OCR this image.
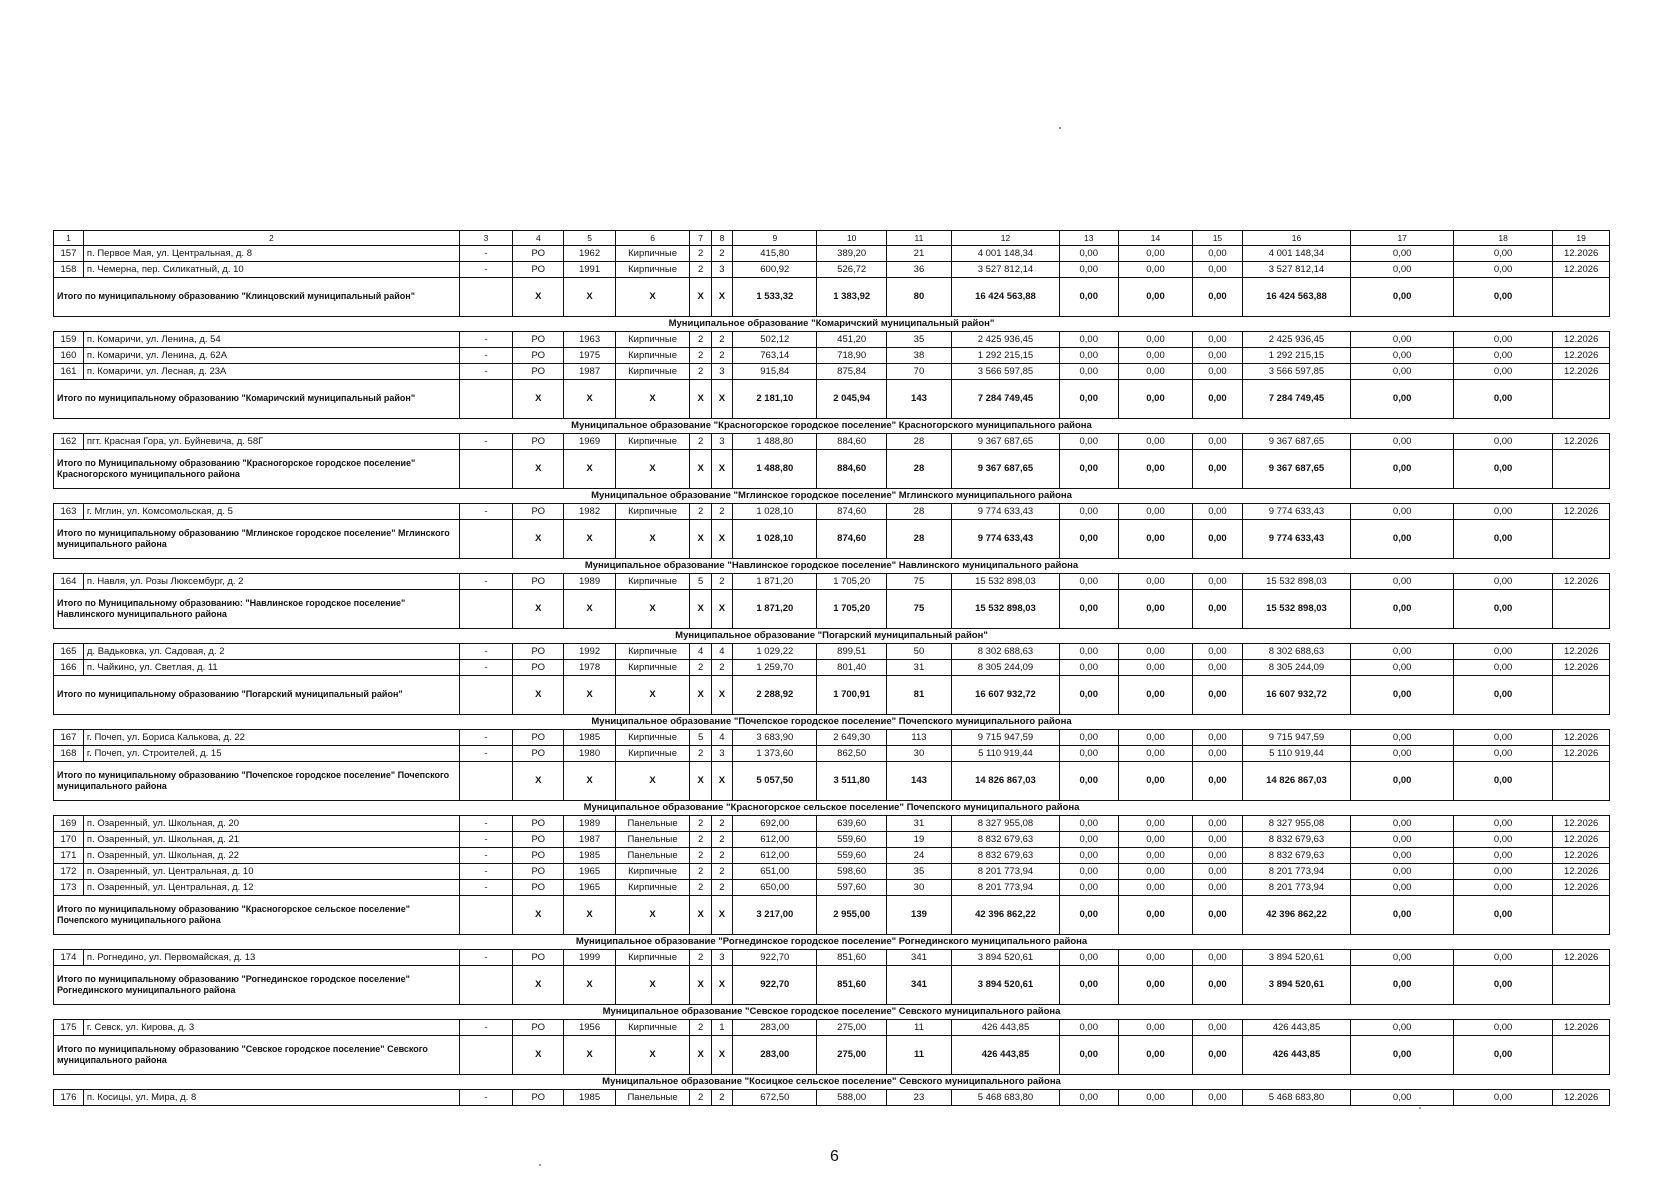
1	2	3	4	5	6	7	8	9	10	11	12	13	14	15	16	17	18	19
157	п. Первое Мая, ул. Центральная, д. 8	-	РО	1962	Кирпичные	2	2	415,80	389,20	21	4 001 148,34	0,00	0,00	0,00	4 001 148,34	0,00	0,00	12.2026
158	п. Чемерна, пер. Силикатный, д. 10	-	РО	1991	Кирпичные	2	3	600,92	526,72	36	3 527 812,14	0,00	0,00	0,00	3 527 812,14	0,00	0,00	12.2026
Итого по муниципальному образованию "Клинцовский муниципальный район"			X	X	X	X	X	1 533,32	1 383,92	80	16 424 563,88	0,00	0,00	0,00	16 424 563,88	0,00	0,00	
Муниципальное образование "Комаричский муниципальный район"																		
159	п. Комаричи, ул. Ленина, д. 54	-	РО	1963	Кирпичные	2	2	502,12	451,20	35	2 425 936,45	0,00	0,00	0,00	2 425 936,45	0,00	0,00	12.2026
160	п. Комаричи, ул. Ленина, д. 62А	-	РО	1975	Кирпичные	2	2	763,14	718,90	38	1 292 215,15	0,00	0,00	0,00	1 292 215,15	0,00	0,00	12.2026
161	п. Комаричи, ул. Лесная, д. 23А	-	РО	1987	Кирпичные	2	3	915,84	875,84	70	3 566 597,85	0,00	0,00	0,00	3 566 597,85	0,00	0,00	12.2026
Итого по муниципальному образованию "Комаричский муниципальный район"			X	X	X	X	X	2 181,10	2 045,94	143	7 284 749,45	0,00	0,00	0,00	7 284 749,45	0,00	0,00	
Муниципальное образование "Красногорское городское поселение" Красногорского муниципального района																		
162	пгт. Красная Гора, ул. Буйневича, д. 58Г	-	РО	1969	Кирпичные	2	3	1 488,80	884,60	28	9 367 687,65	0,00	0,00	0,00	9 367 687,65	0,00	0,00	12.2026
Итого по Муниципальному образованию "Красногорское городское поселение" Красногорского муниципального района			X	X	X	X	X	1 488,80	884,60	28	9 367 687,65	0,00	0,00	0,00	9 367 687,65	0,00	0,00	
Муниципальное образование "Мглинское городское поселение" Мглинского муниципального района																		
163	г. Мглин, ул. Комсомольская, д. 5	-	РО	1982	Кирпичные	2	2	1 028,10	874,60	28	9 774 633,43	0,00	0,00	0,00	9 774 633,43	0,00	0,00	12.2026
Итого по муниципальному образованию "Мглинское городское поселение" Мглинского муниципального района			X	X	X	X	X	1 028,10	874,60	28	9 774 633,43	0,00	0,00	0,00	9 774 633,43	0,00	0,00	
Муниципальное образование "Навлинское городское поселение" Навлинского муниципального района																		
164	п. Навля, ул. Розы Люксембург, д. 2	-	РО	1989	Кирпичные	5	2	1 871,20	1 705,20	75	15 532 898,03	0,00	0,00	0,00	15 532 898,03	0,00	0,00	12.2026
Итого по Муниципальному образованию: "Навлинское городское поселение" Навлинского муниципального района			X	X	X	X	X	1 871,20	1 705,20	75	15 532 898,03	0,00	0,00	0,00	15 532 898,03	0,00	0,00	
Муниципальное образование "Погарский муниципальный район"																		
165	д. Вадьковка, ул. Садовая, д. 2	-	РО	1992	Кирпичные	4	4	1 029,22	899,51	50	8 302 688,63	0,00	0,00	0,00	8 302 688,63	0,00	0,00	12.2026
166	п. Чайкино, ул. Светлая, д. 11	-	РО	1978	Кирпичные	2	2	1 259,70	801,40	31	8 305 244,09	0,00	0,00	0,00	8 305 244,09	0,00	0,00	12.2026
Итого по муниципальному образованию "Погарский муниципальный район"			X	X	X	X	X	2 288,92	1 700,91	81	16 607 932,72	0,00	0,00	0,00	16 607 932,72	0,00	0,00	
Муниципальное образование "Почепское городское поселение" Почепского муниципального района																		
167	г. Почеп, ул. Бориса Калькова, д. 22	-	РО	1985	Кирпичные	5	4	3 683,90	2 649,30	113	9 715 947,59	0,00	0,00	0,00	9 715 947,59	0,00	0,00	12.2026
168	г. Почеп, ул. Строителей, д. 15	-	РО	1980	Кирпичные	2	3	1 373,60	862,50	30	5 110 919,44	0,00	0,00	0,00	5 110 919,44	0,00	0,00	12.2026
Итого по муниципальному образованию "Почепское городское поселение" Почепского муниципального района			X	X	X	X	X	5 057,50	3 511,80	143	14 826 867,03	0,00	0,00	0,00	14 826 867,03	0,00	0,00	
Муниципальное образование "Красногорское сельское поселение" Почепского муниципального района																		
169	п. Озаренный, ул. Школьная, д. 20	-	РО	1989	Панельные	2	2	692,00	639,60	31	8 327 955,08	0,00	0,00	0,00	8 327 955,08	0,00	0,00	12.2026
170	п. Озаренный, ул. Школьная, д. 21	-	РО	1987	Панельные	2	2	612,00	559,60	19	8 832 679,63	0,00	0,00	0,00	8 832 679,63	0,00	0,00	12.2026
171	п. Озаренный, ул. Школьная, д. 22	-	РО	1985	Панельные	2	2	612,00	559,60	24	8 832 679,63	0,00	0,00	0,00	8 832 679,63	0,00	0,00	12.2026
172	п. Озаренный, ул. Центральная, д. 10	-	РО	1965	Кирпичные	2	2	651,00	598,60	35	8 201 773,94	0,00	0,00	0,00	8 201 773,94	0,00	0,00	12.2026
173	п. Озаренный, ул. Центральная, д. 12	-	РО	1965	Кирпичные	2	2	650,00	597,60	30	8 201 773,94	0,00	0,00	0,00	8 201 773,94	0,00	0,00	12.2026
Итого по муниципальному образованию "Красногорское сельское поселение" Почепского муниципального района			X	X	X	X	X	3 217,00	2 955,00	139	42 396 862,22	0,00	0,00	0,00	42 396 862,22	0,00	0,00	
Муниципальное образование "Рогнединское городское поселение" Рогнединского муниципального района																		
174	п. Рогнедино, ул. Первомайская, д. 13	-	РО	1999	Кирпичные	2	3	922,70	851,60	341	3 894 520,61	0,00	0,00	0,00	3 894 520,61	0,00	0,00	12.2026
Итого по муниципальному образованию "Рогнединское городское поселение" Рогнединского муниципального района			X	X	X	X	X	922,70	851,60	341	3 894 520,61	0,00	0,00	0,00	3 894 520,61	0,00	0,00	
Муниципальное образование "Севское городское поселение" Севского муниципального района																		
175	г. Севск, ул. Кирова, д. 3	-	РО	1956	Кирпичные	2	1	283,00	275,00	11	426 443,85	0,00	0,00	0,00	426 443,85	0,00	0,00	12.2026
Итого по муниципальному образованию "Севское городское поселение" Севского муниципального района			X	X	X	X	X	283,00	275,00	11	426 443,85	0,00	0,00	0,00	426 443,85	0,00	0,00	
Муниципальное образование "Косицкое сельское поселение" Севского муниципального района																		
176	п. Косицы, ул. Мира, д. 8	-	РО	1985	Панельные	2	2	672,50	588,00	23	5 468 683,80	0,00	0,00	0,00	5 468 683,80	0,00	0,00	12.2026
6
